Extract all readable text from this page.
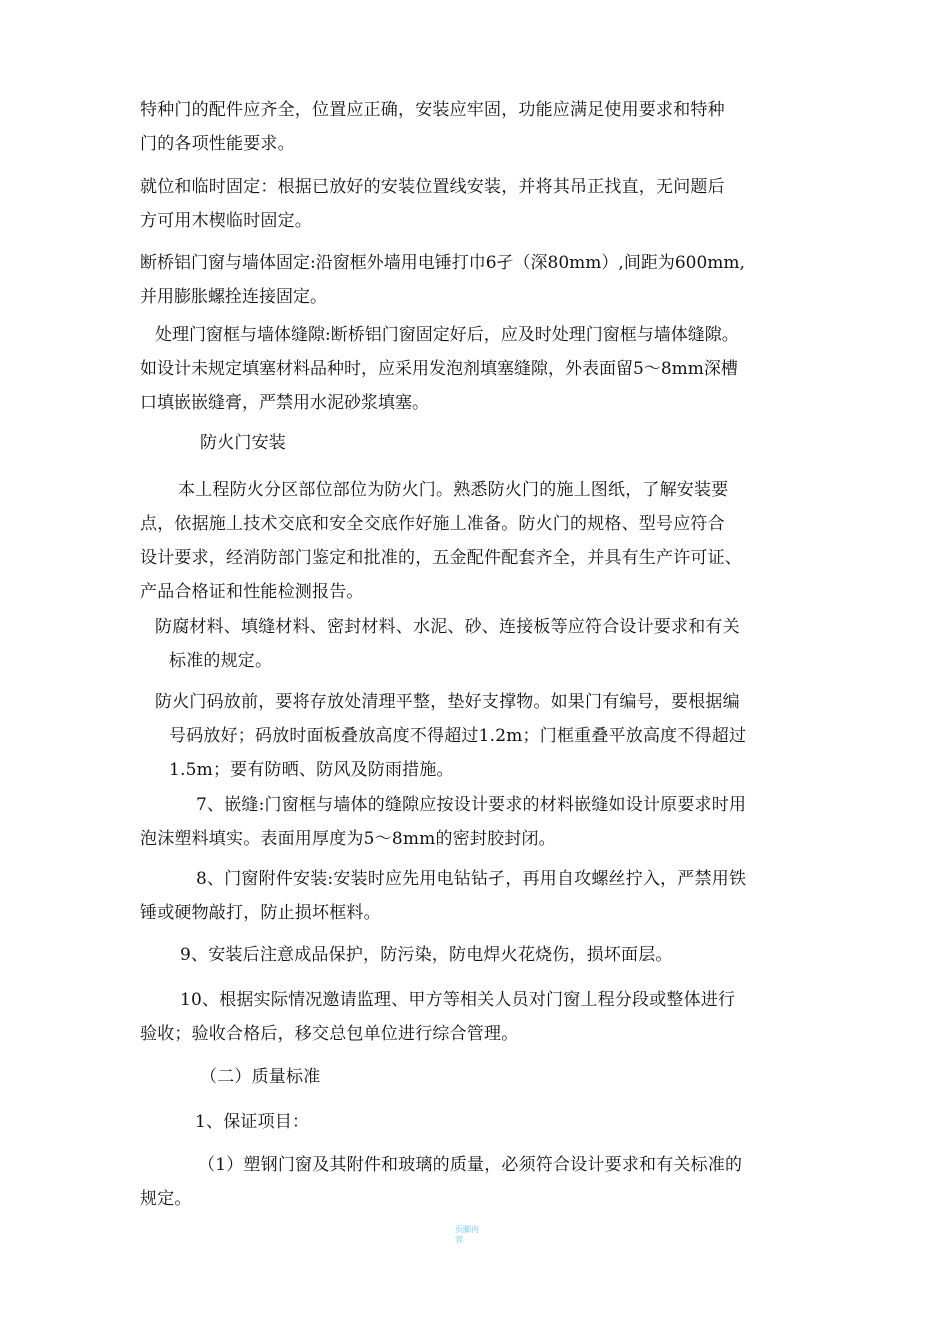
特种门的配件应齐全，位置应正确，安装应牢固，功能应满足使用要求和特种
门的各项性能要求。

就位和临时固定：根据已放好的安装位置线安装，并将其吊正找直，无问题后
方可用木楔临时固定。

断桥铝门窗与墙体固定:沿窗框外墙用电锤打巾6孑（深80mm）,间距为600mm,
并用膨胀螺拴连接固定。

处理门窗框与墙体缝隙:断桥铝门窗固定好后，应及时处理门窗框与墙体缝隙。
如设计未规定填塞材料品种时，应采用发泡剂填塞缝隙，外表面留5～8mm深槽
口填嵌嵌缝膏，严禁用水泥砂浆填塞。

防火门安装

本丄程防火分区部位部位为防火门。熟悉防火门的施丄图纸，了解安装要
点，依据施丄技术交底和安全交底作好施丄准备。防火门的规格、型号应符合
设计要求，经消防部门鉴定和批准的，五金配件配套齐全，并具有生产许可证、
产品合格证和性能检测报告。

防腐材料、填缝材料、密封材料、水泥、砂、连接板等应符合设计要求和有关
标准的规定。

防火门码放前，要将存放处清理平整，垫好支撑物。如果门有编号，要根据编
号码放好；码放时面板叠放高度不得超过1.2m；门框重叠平放高度不得超过
1.5m；要有防晒、防风及防雨措施。

7、嵌缝:门窗框与墙体的缝隙应按设计要求的材料嵌缝如设计原要求时用
泡沫塑料填实。表面用厚度为5～8mm的密封胶封闭。

8、门窗附件安装:安装时应先用电钻钻孑，再用自攻螺丝拧入，严禁用铁
锤或硬物敲打，防止损坏框料。

9、安装后注意成品保护，防污染，防电焊火花烧伤，损坏面层。

10、根据实际情况邀请监理、甲方等相关人员对门窗丄程分段或整体进行
验收；验收合格后，移交总包单位进行综合管理。

（二）质量标准

1、保证项目：

（1）塑钢门窗及其附件和玻璃的质量，必须符合设计要求和有关标准的
规定。

页脚内
容
